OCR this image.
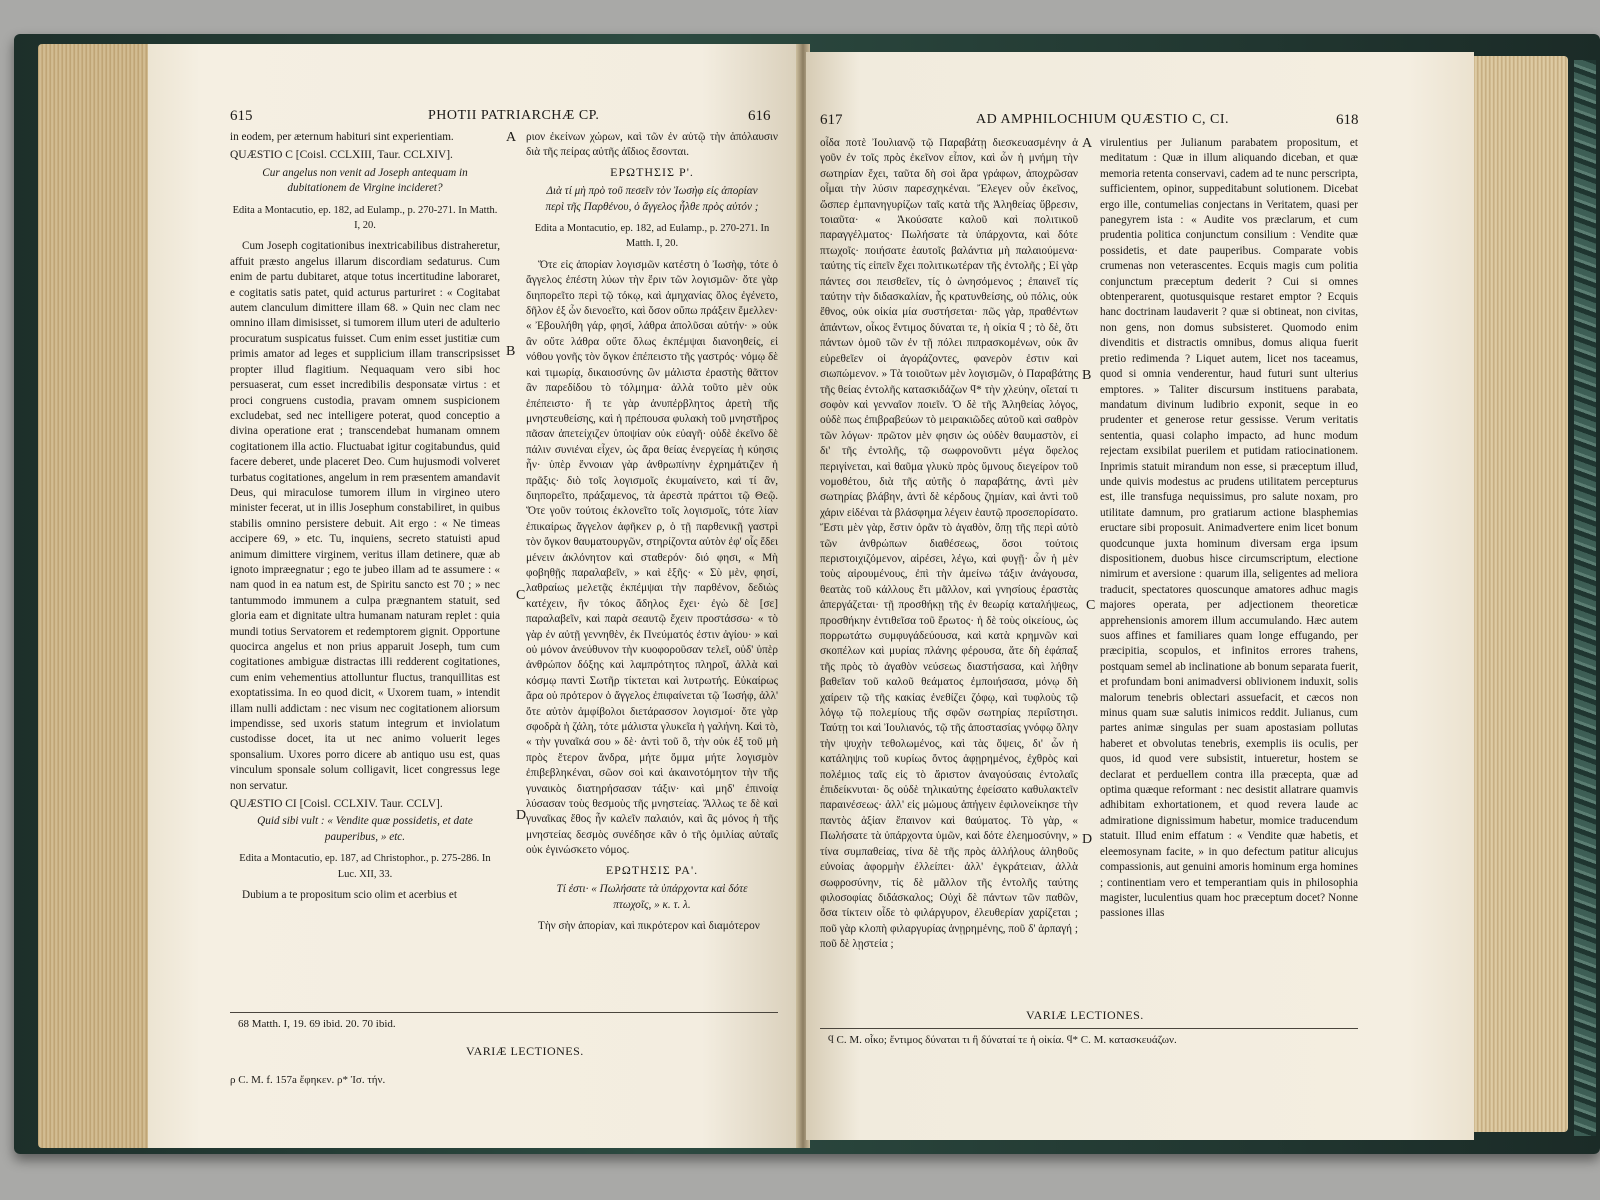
615	PHOTII PATRIARCHÆ CP.	616

in eodem, per æternum habituri sint experientiam.

QUÆSTIO C [Coisl. CCLXIII, Taur. CCLXIV].

Cur angelus non venit ad Joseph antequam in dubitationem de Virgine incideret?

Edita a Montacutio, ep. 182, ad Eulamp., p. 270-271. In Matth. I, 20.

Cum Joseph cogitationibus inextricabilibus distraheretur, affuit præsto angelus illarum discordiam sedaturus. Cum enim de partu dubitaret, atque totus incertitudine laboraret, e cogitatis satis patet, quid acturus parturiret : « Cogitabat autem clanculum dimittere illam 68. » Quin nec clam nec omnino illam dimisisset, si tumorem illum uteri de adulterio procuratum suspicatus fuisset. Cum enim esset justitiæ cum primis amator ad leges et supplicium illam transcripsisset propter illud flagitium. Nequaquam vero sibi hoc persuaserat, cum esset incredibilis desponsatæ virtus : et proci congruens custodia, pravam omnem suspicionem excludebat, sed nec intelligere poterat, quod conceptio a divina operatione erat ; transcendebat humanam omnem cogitationem illa actio. Fluctuabat igitur cogitabundus, quid facere deberet, unde placeret Deo. Cum hujusmodi volveret turbatus cogitationes, angelum in rem præsentem amandavit Deus, qui miraculose tumorem illum in virgineo utero minister fecerat, ut in illis Josephum constabiliret, in quibus stabilis omnino persistere debuit. Ait ergo : « Ne timeas accipere 69, » etc. Tu, inquiens, secreto statuisti apud animum dimittere virginem, veritus illam detinere, quæ ab ignoto impræegnatur ; ego te jubeo illam ad te assumere : « nam quod in ea natum est, de Spiritu sancto est 70 ; » nec tantummodo immunem a culpa prægnantem statuit, sed gloria eam et dignitate ultra humanam naturam replet : quia mundi totius Servatorem et redemptorem gignit. Opportune quocirca angelus et non prius apparuit Joseph, tum cum cogitationes ambiguæ distractas illi redderent cogitationes, cum enim vehementius attolluntur fluctus, tranquillitas est exoptatissima. In eo quod dicit, « Uxorem tuam, » intendit illam nulli addictam : nec visum nec cogitationem aliorsum impendisse, sed uxoris statum integrum et inviolatum custodisse docet, ita ut nec animo voluerit leges sponsalium. Uxores porro dicere ab antiquo usu est, quas vinculum sponsale solum colligavit, licet congressus lege non servatur.

QUÆSTIO CI [Coisl. CCLXIV. Taur. CCLV].

Quid sibi vult : « Vendite quæ possidetis, et date pauperibus, » etc.

Edita a Montacutio, ep. 187, ad Christophor., p. 275-286. In Luc. XII, 33.

Dubium a te propositum scio olim et acerbius et

A
B
C
D

ριον ἐκείνων χώρων, καὶ τῶν ἐν αὐτῷ τὴν ἀπόλαυσιν διὰ τῆς πείρας αὐτῆς ἀΐδιος ἔσονται.

ΕΡΩΤΗΣΙΣ Ρ'.

Διὰ τί μὴ πρὸ τοῦ πεσεῖν τὸν Ἰωσὴφ εἰς ἀπορίαν περὶ τῆς Παρθένου, ὁ ἄγγελος ἦλθε πρὸς αὐτόν ;

Edita a Montacutio, ep. 182, ad Eulamp., p. 270-271. In Matth. I, 20.

Ὅτε εἰς ἀπορίαν λογισμῶν κατέστη ὁ Ἰωσὴφ, τότε ὁ ἄγγελος ἐπέστη λύων τὴν ἔριν τῶν λογισμῶν· ὅτε γὰρ διηπορεῖτο περὶ τῷ τόκῳ, καὶ ἀμηχανίας ὅλος ἐγένετο, δῆλον ἐξ ὧν διενοεῖτο, καὶ ὅσον οὔπω πράξειν ἔμελλεν· « Ἐβουλήθη γάρ, φησί, λάθρα ἀπολῦσαι αὐτήν· » οὐκ ἂν οὔτε λάθρα οὔτε ὅλως ἐκπέμψαι διανοηθείς, εἰ νόθου γονῆς τὸν ὄγκον ἐπέπειστο τῆς γαστρός· νόμῳ δὲ καὶ τιμωρίᾳ, δικαιοσύνης ὢν μάλιστα ἐραστὴς θᾶττον ἂν παρεδίδου τὸ τόλμημα· ἀλλὰ τοῦτο μὲν οὐκ ἐπέπειστο· ἥ τε γὰρ ἀνυπέρβλητος ἀρετὴ τῆς μνηστευθείσης, καὶ ἡ πρέπουσα φυλακὴ τοῦ μνηστῆρος πᾶσαν ἀπετείχιζεν ὑποψίαν οὐκ εὐαγῆ· οὐδὲ ἐκεῖνο δὲ πάλιν συνιέναι εἶχεν, ὡς ἄρα θείας ἐνεργείας ἡ κύησις ἦν· ὑπὲρ ἔννοιαν γὰρ ἀνθρωπίνην ἐχρημάτιζεν ἡ πρᾶξις· διὸ τοῖς λογισμοῖς ἐκυμαίνετο, καὶ τί ἂν, διηπορεῖτο, πράξαμενος, τὰ ἀρεστὰ πράττοι τῷ Θεῷ. Ὅτε γοῦν τούτοις ἐκλονεῖτο τοῖς λογισμοῖς, τότε λίαν ἐπικαίρως ἄγγελον ἀφῆκεν ρ, ὁ τῇ παρθενικῇ γαστρὶ τὸν ὄγκον θαυματουργῶν, στηρίζοντα αὐτὸν ἐφ' οἷς ἔδει μένειν ἀκλόνητον καὶ σταθερόν· διό φησι, « Μὴ φοβηθῇς παραλαβεῖν, » καὶ ἑξῆς· « Σὺ μὲν, φησί, λαθραίως μελετᾷς ἐκπέμψαι τὴν παρθένον, δεδιὼς κατέχειν, ἣν τόκος ἄδηλος ἔχει· ἐγὼ δὲ [σε] παραλαβεῖν, καὶ παρὰ σεαυτῷ ἔχειν προστάσσω· « τὸ γὰρ ἐν αὐτῇ γεννηθὲν, ἐκ Πνεύματός ἐστιν ἁγίου· » καὶ οὐ μόνον ἀνεύθυνον τὴν κυοφοροῦσαν τελεῖ, οὐδ' ὑπὲρ ἀνθρώπον δόξης καὶ λαμπρότητος πληροῖ, ἀλλὰ καὶ κόσμῳ παντὶ Σωτῆρ τίκτεται καὶ λυτρωτής. Εὐκαίρως ἄρα οὐ πρότερον ὁ ἄγγελος ἐπιφαίνεται τῷ Ἰωσήφ, ἀλλ' ὅτε αὐτὸν ἀμφίβολοι διετάρασσον λογισμοί· ὅτε γὰρ σφοδρὰ ἡ ζάλη, τότε μάλιστα γλυκεῖα ἡ γαλήνη. Καὶ τὸ, « τὴν γυναῖκά σου » δὲ· ἀντὶ τοῦ ὃ, τὴν οὐκ ἐξ τοῦ μὴ πρὸς ἕτερον ἄνδρα, μήτε ὄμμα μήτε λογισμὸν ἐπιβεβληκέναι, σῶον σοὶ καὶ ἀκαινοτόμητον τὴν τῆς γυναικὸς διατηρήσασαν τάξιν· καὶ μηδ' ἐπινοίᾳ λύσασαν τοὺς θεσμοὺς τῆς μνηστείας. Ἄλλως τε δὲ καὶ γυναῖκας ἔθος ἦν καλεῖν παλαιόν, καὶ ἃς μόνος ἡ τῆς μνηστείας δεσμὸς συνέδησε κἂν ὁ τῆς ὁμιλίας αὐταῖς οὐκ ἐγινώσκετο νόμος.

ΕΡΩΤΗΣΙΣ ΡΑ'.

Τί ἐστι· « Πωλήσατε τὰ ὑπάρχοντα καὶ δότε πτωχοῖς, » κ. τ. λ.

Τὴν σὴν ἀπορίαν, καὶ πικρότερον καὶ διαμότερον

68 Matth. I, 19. 69 ibid. 20. 70 ibid.
VARIÆ LECTIONES.
ρ C. M. f. 157a ἔφηκεν. ρ* Ἰσ. τήν.
617	AD AMPHILOCHIUM QUÆSTIO C, CI.	618

οἶδα ποτὲ Ἰουλιανῷ τῷ Παραβάτῃ διεσκευασμένην ἀ γοῦν ἐν τοῖς πρὸς ἐκεῖνον εἶπον, καὶ ὧν ἡ μνήμη τὴν σωτηρίαν ἔχει, ταῦτα δὴ σοὶ ἄρα γράφων, ἀποχρῶσαν οἶμαι τὴν λύσιν παρεσχηκέναι. Ἔλεγεν οὖν ἐκεῖνος, ὥσπερ ἐμπανηγυρίζων ταῖς κατὰ τῆς Ἀληθείας ὕβρεσιν, τοιαῦτα· « Ἀκούσατε καλοῦ καὶ πολιτικοῦ παραγγέλματος· Πωλήσατε τὰ ὑπάρχοντα, καὶ δότε πτωχοῖς· ποιήσατε ἑαυτοῖς βαλάντια μὴ παλαιούμενα· ταύτης τίς εἰπεῖν ἔχει πολιτικωτέραν τῆς ἐντολῆς ; Εἰ γὰρ πάντες σοι πεισθεῖεν, τίς ὁ ὠνησόμενος ; ἐπαινεῖ τίς ταύτην τὴν διδασκαλίαν, ἧς κρατυνθείσης, οὐ πόλις, οὐκ ἔθνος, οὐκ οἰκία μία συστήσεται· πῶς γὰρ, πραθέντων ἁπάντων, οἶκος ἔντιμος δύναται τε, ἡ οἰκία ϥ ; τὸ δὲ, ὅτι πάντων ὁμοῦ τῶν ἐν τῇ πόλει πιπρασκομένων, οὐκ ἂν εὑρεθεῖεν οἱ ἀγοράζοντες, φανερὸν ἐστιν καὶ σιωπώμενον. » Τὰ τοιοῦτων μὲν λογισμῶν, ὁ Παραβάτης τῆς θείας ἐντολῆς κατασκιδάζων ϥ* τὴν χλεύην, οἴεταί τι σοφὸν καὶ γενναῖον ποιεῖν. Ὁ δὲ τῆς Ἀληθείας λόγος, οὐδὲ πως ἐπιβραβεύων τὸ μειρακιῶδες αὐτοῦ καὶ σαθρὸν τῶν λόγων· πρῶτον μὲν φησιν ὡς οὐδὲν θαυμαστὸν, εἰ δι' τῆς ἐντολῆς, τῷ σωφρονοῦντι μέγα ὄφελος περιγίνεται, καὶ θαῦμα γλυκὺ πρὸς ὕμνους διεγείρον τοῦ νομοθέτου, διὰ τῆς αὐτῆς ὁ παραβάτης, ἀντὶ μὲν σωτηρίας βλάβην, ἀντὶ δὲ κέρδους ζημίαν, καὶ ἀντὶ τοῦ χάριν εἰδέναι τὰ βλάσφημα λέγειν ἑαυτῷ προσεπορίσατο. Ἔστι μὲν γὰρ, ἔστιν ὀρᾶν τὸ ἀγαθὸν, ὅπῃ τῆς περὶ αὐτὸ τῶν ἀνθρώπων διαθέσεως, ὅσοι τούτοις περιστοιχιζόμενον, αἱρέσει, λέγω, καὶ φυγῇ· ὧν ἡ μὲν τοὺς αἱρουμένους, ἐπὶ τὴν ἀμείνω τάξιν ἀνάγουσα, θεατὰς τοῦ κάλλους ἔτι μᾶλλον, καὶ γνησίους ἐραστὰς ἀπεργάζεται· τῇ προσθήκῃ τῆς ἐν θεωρίᾳ καταλήψεως, προσθήκην ἐντιθεῖσα τοῦ ἔρωτος· ἡ δὲ τοὺς οἰκείους, ὡς πορρωτάτω συμφυγάδεύουσα, καὶ κατὰ κρημνῶν καὶ σκοπέλων καὶ μυρίας πλάνης φέρουσα, ἅτε δὴ ἐφάπαξ τῆς πρὸς τὸ ἀγαθὸν νεύσεως διαστήσασα, καὶ λήθην βαθεῖαν τοῦ καλοῦ θεάματος ἐμποιήσασα, μόνῳ δὴ χαίρειν τῷ τῆς κακίας ἐνεθίζει ζόφῳ, καὶ τυφλοὺς τῷ λόγῳ τῷ πολεμίους τῆς σφῶν σωτηρίας περιΐστησι. Ταύτῃ τοι καὶ Ἰουλιανός, τῷ τῆς ἀποστασίας γνόφῳ ὅλην τὴν ψυχὴν τεθολωμένος, καὶ τὰς ὄψεις, δι' ὧν ἡ κατάληψις τοῦ κυρίως ὄντος ἀφῃρημένος, ἐχθρὸς καὶ πολέμιος ταῖς εἰς τὸ ἄριστον ἀναγούσαις ἐντολαῖς ἐπιδείκνυται· ὃς οὐδὲ τηλικαύτης ἐφείσατο καθυλακτεῖν παραινέσεως· ἀλλ' εἰς μώμους ἀπήγειν ἐφιλονείκησε τὴν παντὸς ἀξίαν ἔπαινον καὶ θαύματος. Τὸ γὰρ, « Πωλήσατε τὰ ὑπάρχοντα ὑμῶν, καὶ δότε ἐλεημοσύνην, » τίνα συμπαθείας, τίνα δὲ τῆς πρὸς ἀλλήλους ἀληθοῦς εὐνοίας ἀφορμὴν ἐλλείπει· ἀλλ' ἐγκράτειαν, ἀλλὰ σωφροσύνην, τίς δὲ μᾶλλον τῆς ἐντολῆς ταύτης φιλοσοφίας διδάσκαλος; Οὐχὶ δὲ πάντων τῶν παθῶν, ὅσα τίκτειν οἶδε τὸ φιλάργυρον, ἐλευθερίαν χαρίζεται ; ποῦ γὰρ κλοπὴ φιλαργυρίας ἀνῃρημένης, ποῦ δ' ἁρπαγή ; ποῦ δὲ λῃστεία ;

A
B
C
D

virulentius per Julianum parabatem propositum, et meditatum : Quæ in illum aliquando diceban, et quæ memoria retenta conservavi, cadem ad te nunc perscripta, sufficientem, opinor, suppeditabunt solutionem. Dicebat ergo ille, contumelias conjectans in Veritatem, quasi per panegyrem ista : « Audite vos præclarum, et cum prudentia politica conjunctum consilium : Vendite quæ possidetis, et date pauperibus. Comparate vobis crumenas non veterascentes. Ecquis magis cum politia conjunctum præceptum dederit ? Cui si omnes obtenperarent, quotusquisque restaret emptor ? Ecquis hanc doctrinam laudaverit ? quæ si obtineat, non civitas, non gens, non domus subsisteret. Quomodo enim divenditis et distractis omnibus, domus aliqua fuerit pretio redimenda ? Liquet autem, licet nos taceamus, quod si omnia venderentur, haud futuri sunt ulterius emptores. » Taliter discursum instituens parabata, mandatum divinum ludibrio exponit, seque in eo prudenter et generose retur gessisse. Verum veritatis sententia, quasi colapho impacto, ad hunc modum rejectam exsibilat puerilem et putidam ratiocinationem. Inprimis statuit mirandum non esse, si præceptum illud, unde quivis modestus ac prudens utilitatem percepturus est, ille transfuga nequissimus, pro salute noxam, pro utilitate damnum, pro gratiarum actione blasphemias eructare sibi proposuit. Animadvertere enim licet bonum quodcunque juxta hominum diversam erga ipsum dispositionem, duobus hisce circumscriptum, electione nimirum et aversione : quarum illa, seligentes ad meliora traducit, spectatores quoscunque amatores adhuc magis majores operata, per adjectionem theoreticæ apprehensionis amorem illum accumulando. Hæc autem suos affines et familiares quam longe effugando, per præcipitia, scopulos, et infinitos errores trahens, postquam semel ab inclinatione ab bonum separata fuerit, et profundam boni animadversi oblivionem induxit, solis malorum tenebris oblectari assuefacit, et cæcos non minus quam suæ salutis inimicos reddit. Julianus, cum partes animæ singulas per suam apostasiam pollutas haberet et obvolutas tenebris, exemplis iis oculis, per quos, id quod vere subsistit, intueretur, hostem se declarat et perduellem contra illa præcepta, quæ ad optima quæque reformant : nec desistit allatrare quamvis adhibitam exhortationem, et quod revera laude ac admiratione dignissimum habetur, momice traducendum statuit. Illud enim effatum : « Vendite quæ habetis, et eleemosynam facite, » in quo defectum patitur alicujus compassionis, aut genuini amoris hominum erga homines ; continentiam vero et temperantiam quis in philosophia magister, luculentius quam hoc præceptum docet? Nonne passiones illas

VARIÆ LECTIONES.
ϥ C. M. οἶκο; ἔντιμος δύναται τι ἢ δύναταί τε ἡ οἰκία. ϥ* C. M. κατασκευάζων.
